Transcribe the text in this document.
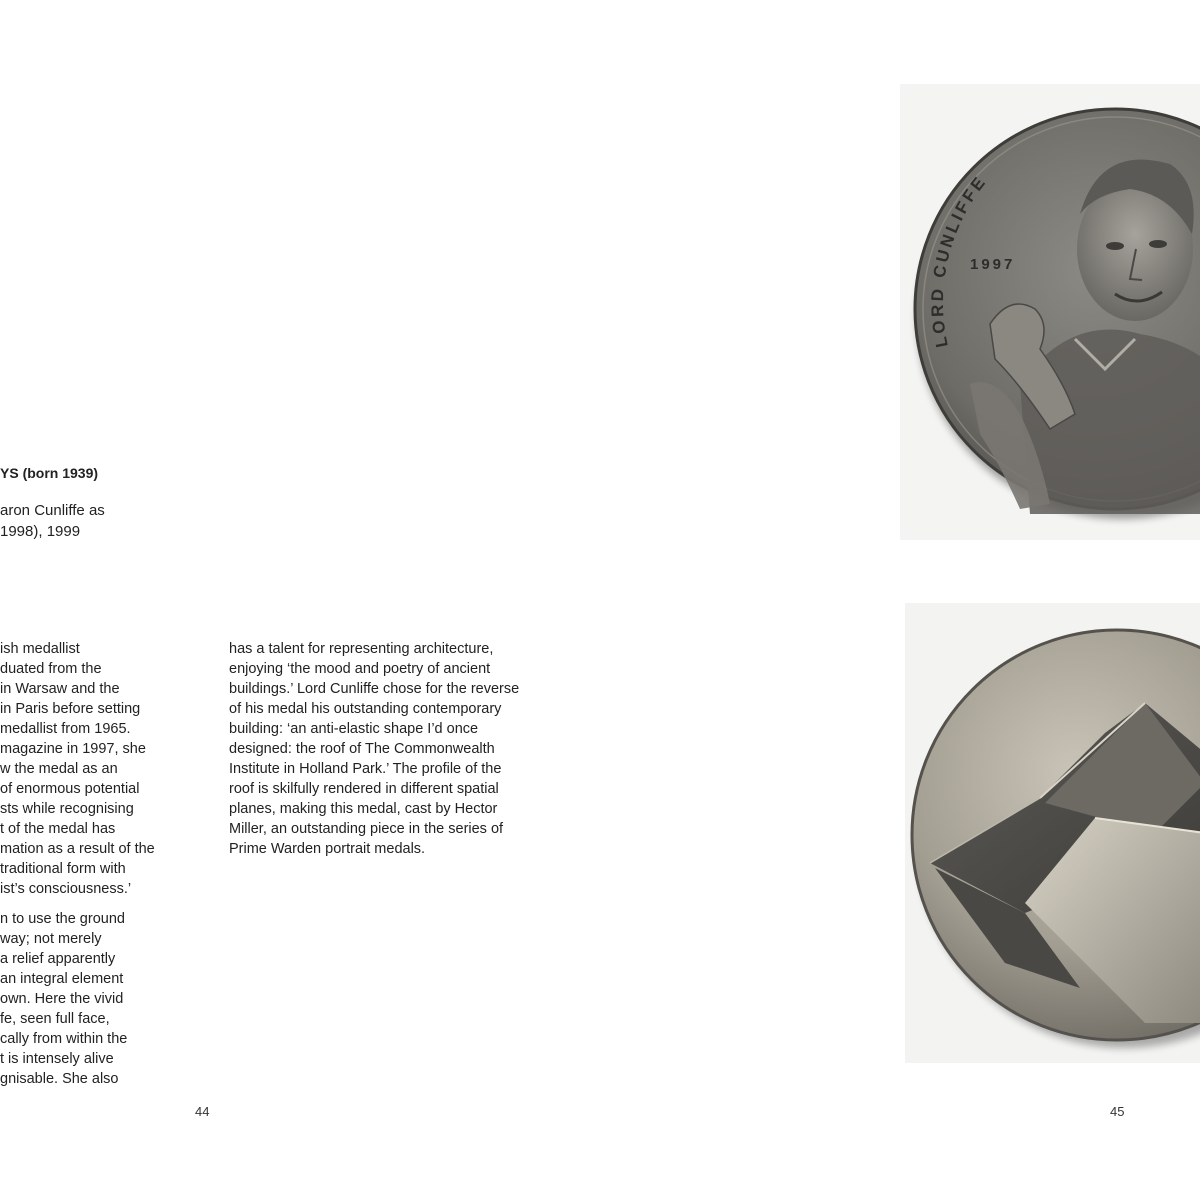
YS (born 1939)
aron Cunliffe as
1998), 1999

ish medallist
duated from the
in Warsaw and the
in Paris before setting
medallist from 1965.
magazine in 1997, she
w the medal as an
of enormous potential
sts while recognising
t of the medal has
mation as a result of the
traditional form with
ist’s consciousness.’

n to use the ground
way; not merely
a relief apparently
an integral element
own. Here the vivid
fe, seen full face,
cally from within the
t is intensely alive
gnisable. She also

has a talent for representing architecture,
enjoying ‘the mood and poetry of ancient
buildings.’ Lord Cunliffe chose for the reverse
of his medal his outstanding contemporary
building: ‘an anti-elastic shape I’d once
designed: the roof of The Commonwealth
Institute in Holland Park.’ The profile of the
roof is skilfully rendered in different spatial
planes, making this medal, cast by Hector
Miller, an outstanding piece in the series of
Prime Warden portrait medals.

44
LORD CUNLIFFE
1997
45
